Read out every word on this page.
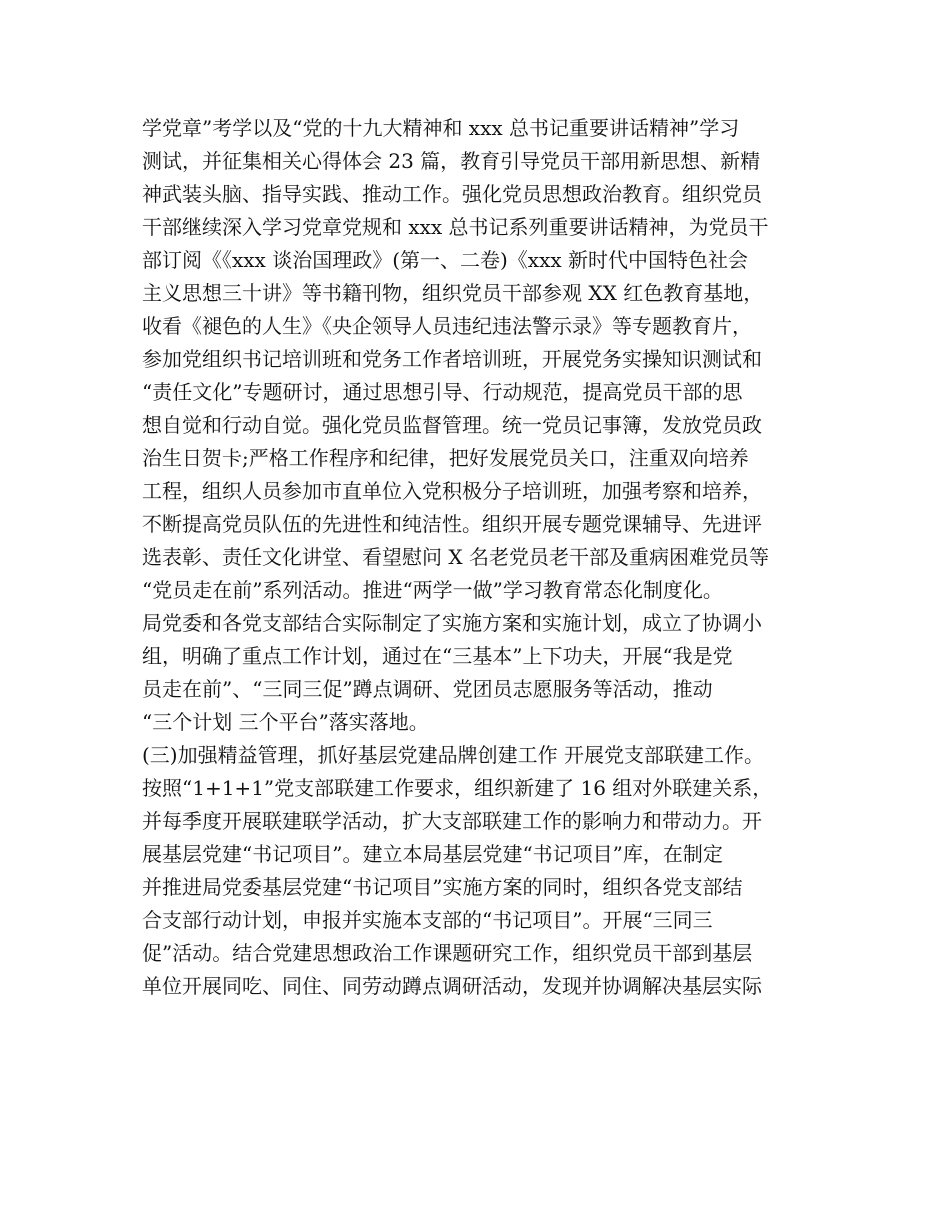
学党章”考学以及“党的十九大精神和 xxx 总书记重要讲话精神”学习
测试，并征集相关心得体会 23 篇，教育引导党员干部用新思想、新精
神武装头脑、指导实践、推动工作。强化党员思想政治教育。组织党员
干部继续深入学习党章党规和 xxx 总书记系列重要讲话精神，为党员干
部订阅《《xxx 谈治国理政》(第一、二卷)《xxx 新时代中国特色社会
主义思想三十讲》等书籍刊物，组织党员干部参观 XX 红色教育基地，
收看《褪色的人生》《央企领导人员违纪违法警示录》等专题教育片，
参加党组织书记培训班和党务工作者培训班，开展党务实操知识测试和
“责任文化”专题研讨，通过思想引导、行动规范，提高党员干部的思
想自觉和行动自觉。强化党员监督管理。统一党员记事簿，发放党员政
治生日贺卡;严格工作程序和纪律，把好发展党员关口，注重双向培养
工程，组织人员参加市直单位入党积极分子培训班，加强考察和培养，
不断提高党员队伍的先进性和纯洁性。组织开展专题党课辅导、先进评
选表彰、责任文化讲堂、看望慰问 X 名老党员老干部及重病困难党员等
“党员走在前”系列活动。推进“两学一做”学习教育常态化制度化。
局党委和各党支部结合实际制定了实施方案和实施计划，成立了协调小
组，明确了重点工作计划，通过在“三基本”上下功夫，开展“我是党
员走在前”、“三同三促”蹲点调研、党团员志愿服务等活动，推动
“三个计划 三个平台”落实落地。
(三)加强精益管理，抓好基层党建品牌创建工作 开展党支部联建工作。
按照“1+1+1”党支部联建工作要求，组织新建了 16 组对外联建关系，
并每季度开展联建联学活动，扩大支部联建工作的影响力和带动力。开
展基层党建“书记项目”。建立本局基层党建“书记项目”库，在制定
并推进局党委基层党建“书记项目”实施方案的同时，组织各党支部结
合支部行动计划，申报并实施本支部的“书记项目”。开展“三同三
促”活动。结合党建思想政治工作课题研究工作，组织党员干部到基层
单位开展同吃、同住、同劳动蹲点调研活动，发现并协调解决基层实际
